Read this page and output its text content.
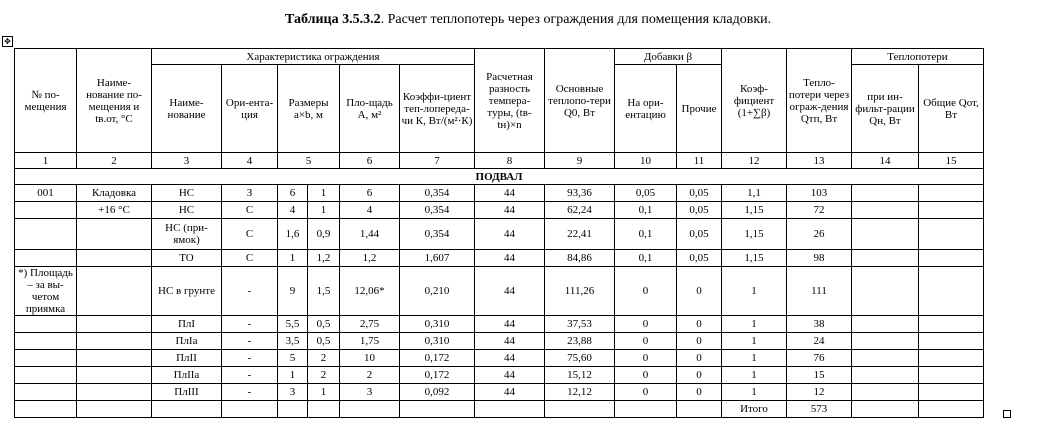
Таблица 3.5.3.2. Расчет теплопотерь через ограждения для помещения кладовки.
✥
№ по-мещения	Наиме-нование по-мещения и tв.от, °С	Характеристика ограждения						Расчетная разность темпера-туры, (tв-tн)×n	Основные теплопо-тери Q0, Вт	Добавки β		Коэф-фициент (1+∑β)	Тепло-потери через ограж-дения Qтп, Вт	Теплопотери	
		Наиме-нование	Ори-ента-ция	Размеры a×b, м		Пло-щадь А, м²	Коэффи-циент теп-лопереда-чи К, Вт/(м²·К)			На ори-ентацию	Прочие			при ин-фильт-рации Qн, Вт	Общие Qот, Вт
1	2	3	4	5		6	7	8	9	10	11	12	13	14	15
ПОДВАЛ															
001	Кладовка	НС	З	6	1	6	0,354	44	93,36	0,05	0,05	1,1	103		
	+16 °С	НС	С	4	1	4	0,354	44	62,24	0,1	0,05	1,15	72		
		НС (при-ямок)	С	1,6	0,9	1,44	0,354	44	22,41	0,1	0,05	1,15	26		
		ТО	С	1	1,2	1,2	1,607	44	84,86	0,1	0,05	1,15	98		
*) Площадь – за вы-четом приямка		НС в грунте	-	9	1,5	12,06*	0,210	44	111,26	0	0	1	111		
		ПлI	-	5,5	0,5	2,75	0,310	44	37,53	0	0	1	38		
		ПлIа	-	3,5	0,5	1,75	0,310	44	23,88	0	0	1	24		
		ПлII	-	5	2	10	0,172	44	75,60	0	0	1	76		
		ПлIIа	-	1	2	2	0,172	44	15,12	0	0	1	15		
		ПлIII	-	3	1	3	0,092	44	12,12	0	0	1	12		
												Итого	573		
